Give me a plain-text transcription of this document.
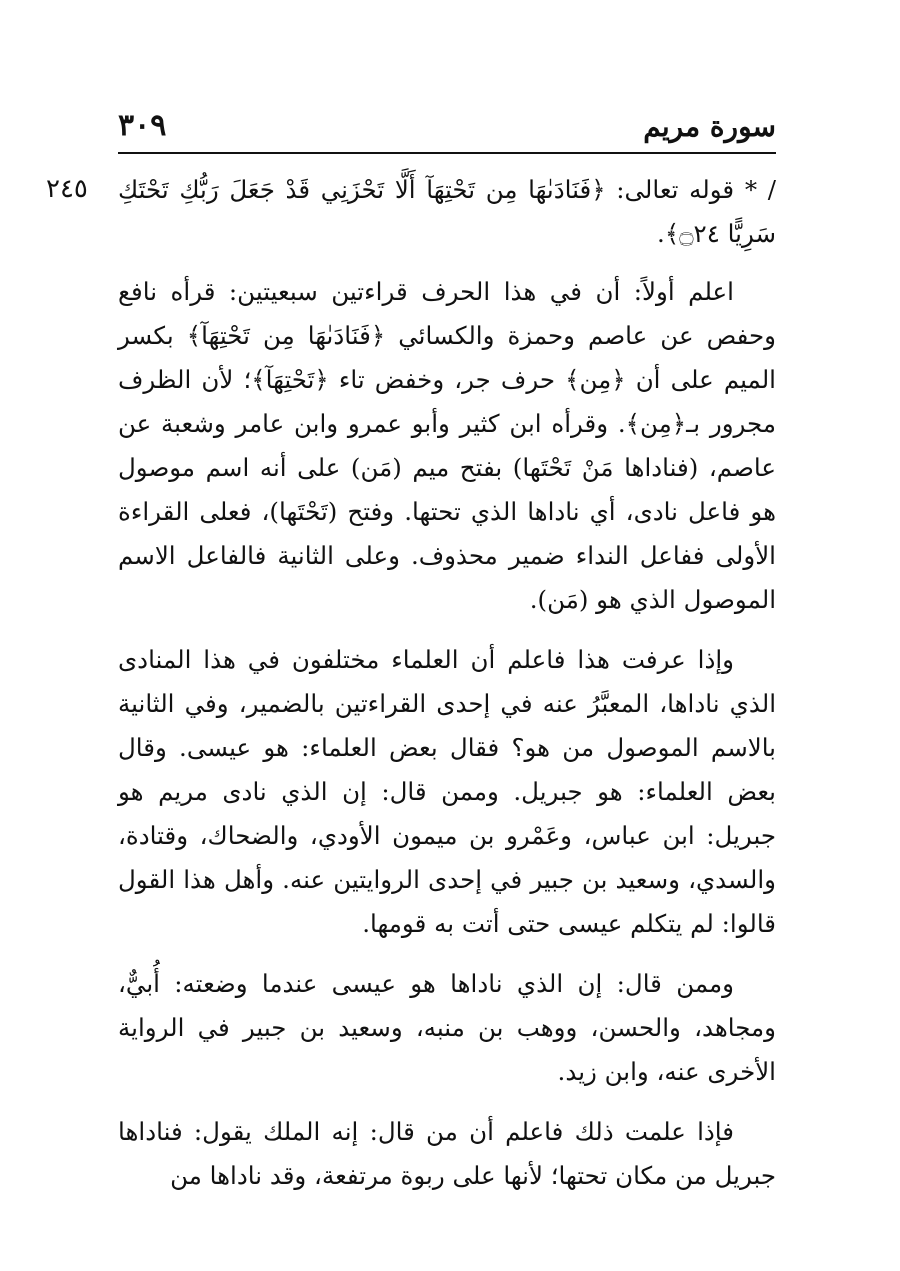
سورة مريم
٣٠٩
٢٤٥	/ * قوله تعالى: ﴿فَنَادَىٰهَا مِن تَحْتِهَآ أَلَّا تَحْزَنِي قَدْ جَعَلَ رَبُّكِ تَحْتَكِ سَرِيًّا ۝٢٤﴾.

اعلم أولاً: أن في هذا الحرف قراءتين سبعيتين: قرأه نافع وحفص عن عاصم وحمزة والكسائي ﴿فَنَادَىٰهَا مِن تَحْتِهَآ﴾ بكسر الميم على أن ﴿مِن﴾ حرف جر، وخفض تاء ﴿تَحْتِهَآ﴾؛ لأن الظرف مجرور بـ﴿مِن﴾. وقرأه ابن كثير وأبو عمرو وابن عامر وشعبة عن عاصم، (فناداها مَنْ تَحْتَها) بفتح ميم (مَن) على أنه اسم موصول هو فاعل نادى، أي ناداها الذي تحتها. وفتح (تَحْتَها)، فعلى القراءة الأولى ففاعل النداء ضمير محذوف. وعلى الثانية فالفاعل الاسم الموصول الذي هو (مَن).

وإذا عرفت هذا فاعلم أن العلماء مختلفون في هذا المنادى الذي ناداها، المعبَّرُ عنه في إحدى القراءتين بالضمير، وفي الثانية بالاسم الموصول من هو؟ فقال بعض العلماء: هو عيسى. وقال بعض العلماء: هو جبريل. وممن قال: إن الذي نادى مريم هو جبريل: ابن عباس، وعَمْرو بن ميمون الأودي، والضحاك، وقتادة، والسدي، وسعيد بن جبير في إحدى الروايتين عنه. وأهل هذا القول قالوا: لم يتكلم عيسى حتى أتت به قومها.

وممن قال: إن الذي ناداها هو عيسى عندما وضعته: أُبيٌّ، ومجاهد، والحسن، ووهب بن منبه، وسعيد بن جبير في الرواية الأخرى عنه، وابن زيد.

فإذا علمت ذلك فاعلم أن من قال: إنه الملك يقول: فناداها جبريل من مكان تحتها؛ لأنها على ربوة مرتفعة، وقد ناداها من
